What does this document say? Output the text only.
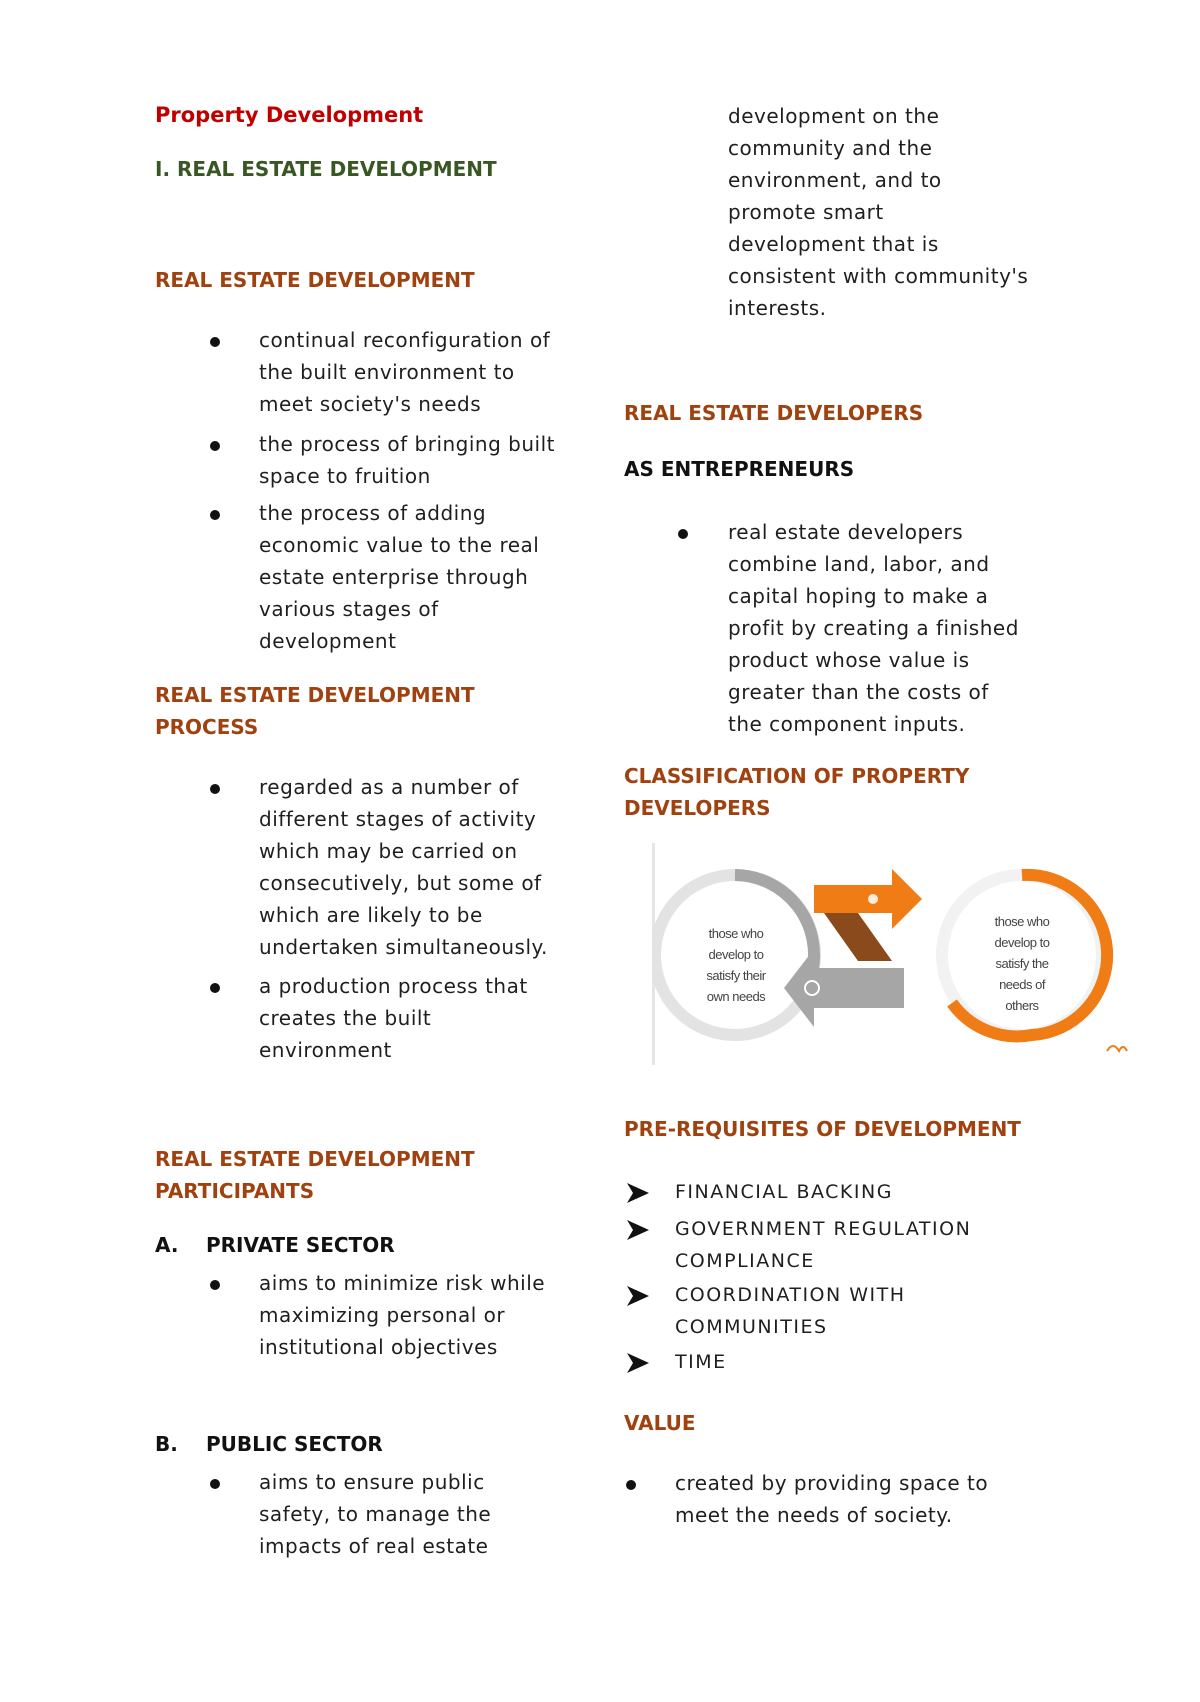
Property Development
I. REAL ESTATE DEVELOPMENT
REAL ESTATE DEVELOPMENT
continual reconfiguration of
the built environment to
meet society's needs
the process of bringing built
space to fruition
the process of adding
economic value to the real
estate enterprise through
various stages of
development
REAL ESTATE DEVELOPMENT
PROCESS
regarded as a number of
different stages of activity
which may be carried on
consecutively, but some of
which are likely to be
undertaken simultaneously.
a production process that
creates the built
environment
REAL ESTATE DEVELOPMENT
PARTICIPANTS
A. PRIVATE SECTOR
aims to minimize risk while
maximizing personal or
institutional objectives
B. PUBLIC SECTOR
aims to ensure public
safety, to manage the
impacts of real estate
development on the
community and the
environment, and to
promote smart
development that is
consistent with community's
interests.
REAL ESTATE DEVELOPERS
AS ENTREPRENEURS
real estate developers
combine land, labor, and
capital hoping to make a
profit by creating a finished
product whose value is
greater than the costs of
the component inputs.
CLASSIFICATION OF PROPERTY
DEVELOPERS
those who
develop to
satisfy their
own needs
those who
develop to
satisfy the
needs of
others
PRE-REQUISITES OF DEVELOPMENT
FINANCIAL BACKING
GOVERNMENT REGULATION
COMPLIANCE
COORDINATION WITH
COMMUNITIES
TIME
VALUE
created by providing space to
meet the needs of society.
